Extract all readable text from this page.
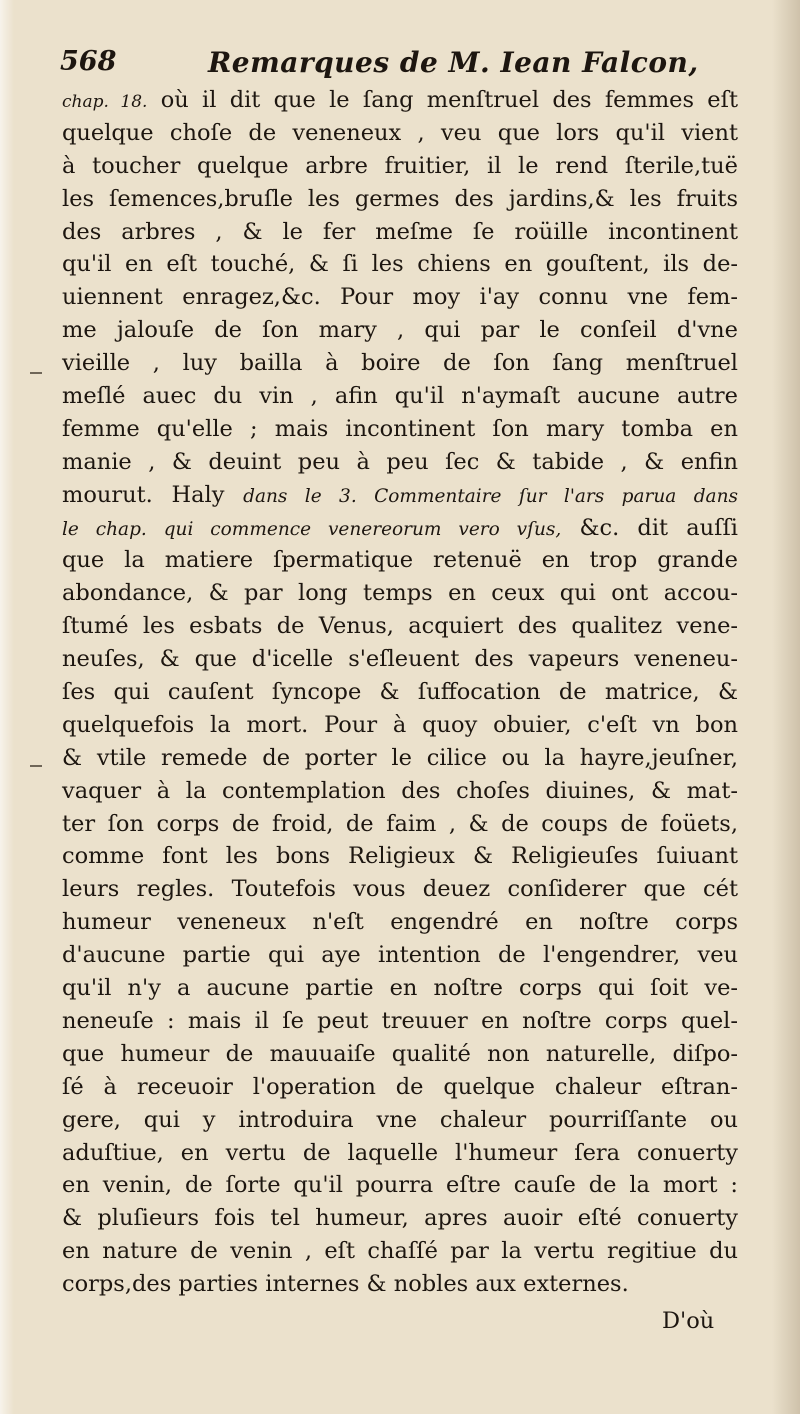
568	Remarques de M. Iean Falcon,
chap. 18. où il dit que le ſang menſtruel des femmes eſt
quelque choſe de veneneux , veu que lors qu'il vient
à toucher quelque arbre fruitier, il le rend ſterile,tuë
les ſemences,bruſle les germes des jardins,& les fruits
des arbres , & le fer meſme ſe roüille incontinent
qu'il en eſt touché, & ſi les chiens en gouſtent, ils de-
uiennent enragez,&c. Pour moy i'ay connu vne fem-
me jalouſe de ſon mary , qui par le conſeil d'vne
vieille , luy bailla à boire de ſon ſang menſtruel
meſlé auec du vin , afin qu'il n'aymaſt aucune autre
femme qu'elle ; mais incontinent ſon mary tomba en
manie , & deuint peu à peu ſec & tabide , & enfin
mourut. Haly dans le 3. Commentaire ſur l'ars parua dans
le chap. qui commence venereorum vero vſus, &c. dit auſſi
que la matiere ſpermatique retenuë en trop grande
abondance, & par long temps en ceux qui ont accou-
ſtumé les esbats de Venus, acquiert des qualitez vene-
neuſes, & que d'icelle s'eſleuent des vapeurs veneneu-
ſes qui cauſent ſyncope & ſuffocation de matrice, &
quelquefois la mort. Pour à quoy obuier, c'eſt vn bon
& vtile remede de porter le cilice ou la hayre,jeuſner,
vaquer à la contemplation des choſes diuines, & mat-
ter ſon corps de froid, de faim , & de coups de foüets,
comme font les bons Religieux & Religieuſes ſuiuant
leurs regles. Toutefois vous deuez conſiderer que cét
humeur veneneux n'eſt engendré en noſtre corps
d'aucune partie qui aye intention de l'engendrer, veu
qu'il n'y a aucune partie en noſtre corps qui ſoit ve-
neneuſe : mais il ſe peut treuuer en noſtre corps quel-
que humeur de mauuaiſe qualité non naturelle, diſpo-
ſé à receuoir l'operation de quelque chaleur eſtran-
gere, qui y introduira vne chaleur pourriſſante ou
aduſtiue, en vertu de laquelle l'humeur ſera conuerty
en venin, de ſorte qu'il pourra eſtre cauſe de la mort :
& pluſieurs fois tel humeur, apres auoir eſté conuerty
en nature de venin , eſt chaſſé par la vertu regitiue du
corps,des parties internes & nobles aux externes.
D'où
